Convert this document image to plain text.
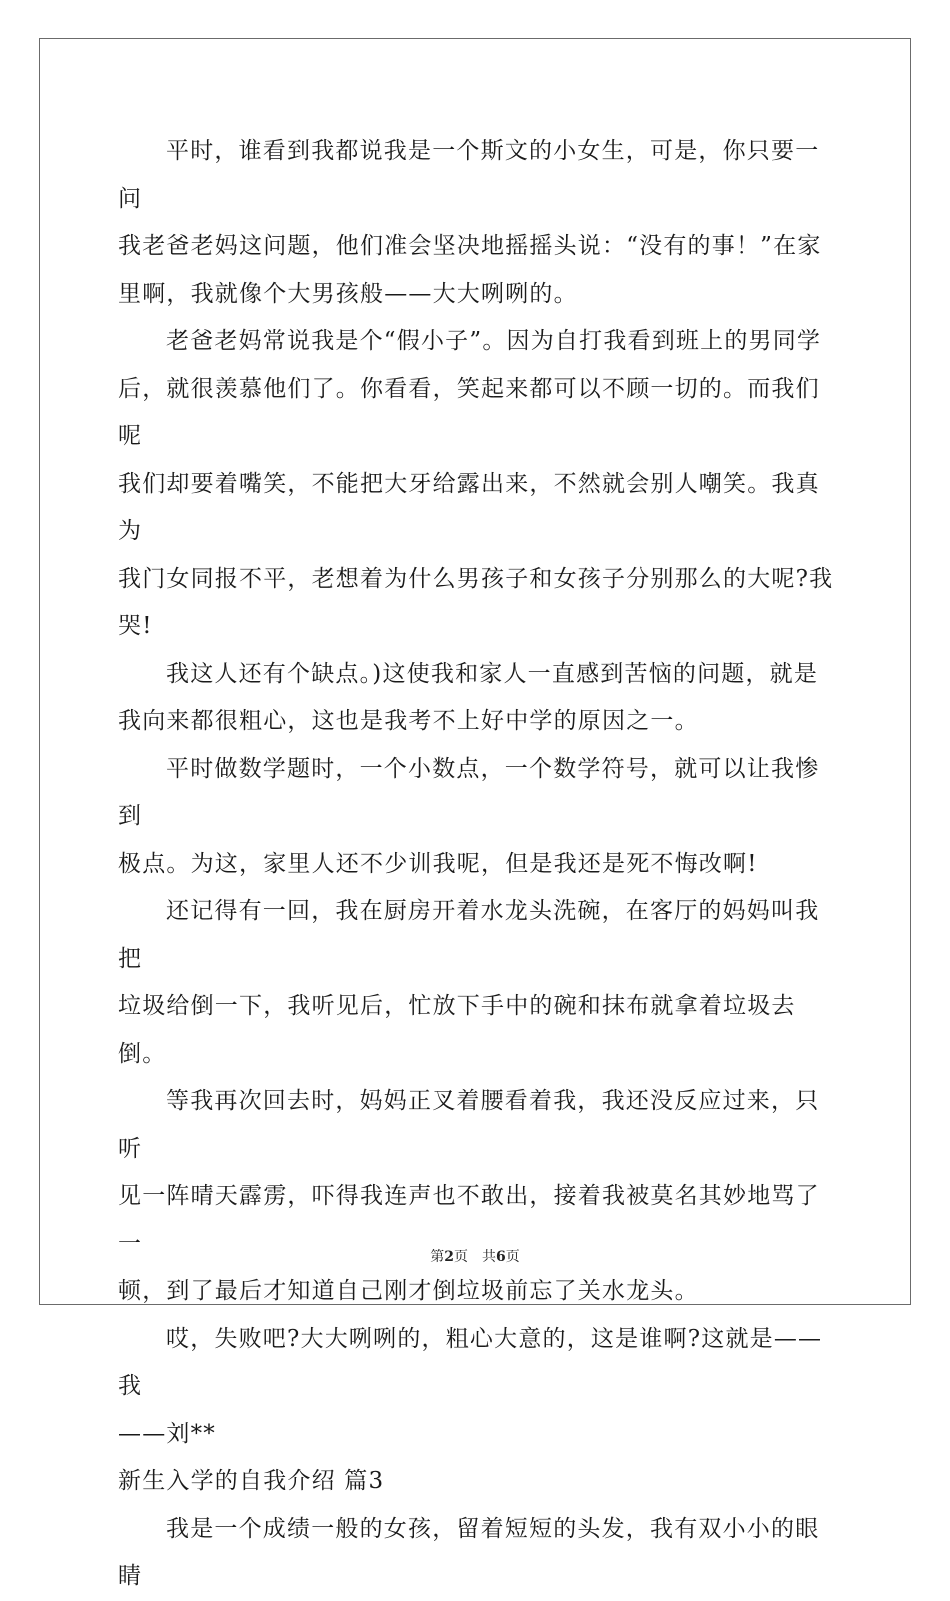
平时，谁看到我都说我是一个斯文的小女生，可是，你只要一问
我老爸老妈这问题，他们准会坚决地摇摇头说：“没有的事！”在家
里啊，我就像个大男孩般——大大咧咧的。

老爸老妈常说我是个“假小子”。因为自打我看到班上的男同学
后，就很羡慕他们了。你看看，笑起来都可以不顾一切的。而我们呢
我们却要着嘴笑，不能把大牙给露出来，不然就会别人嘲笑。我真为
我门女同报不平，老想着为什么男孩子和女孩子分别那么的大呢?我
哭!

我这人还有个缺点。)这使我和家人一直感到苦恼的问题，就是
我向来都很粗心，这也是我考不上好中学的原因之一。

平时做数学题时，一个小数点，一个数学符号，就可以让我惨到
极点。为这，家里人还不少训我呢，但是我还是死不悔改啊!

还记得有一回，我在厨房开着水龙头洗碗，在客厅的妈妈叫我把
垃圾给倒一下，我听见后，忙放下手中的碗和抹布就拿着垃圾去倒。

等我再次回去时，妈妈正叉着腰看着我，我还没反应过来，只听
见一阵晴天霹雳，吓得我连声也不敢出，接着我被莫名其妙地骂了一
顿，到了最后才知道自己刚才倒垃圾前忘了关水龙头。

哎，失败吧?大大咧咧的，粗心大意的，这是谁啊?这就是——我

——刘**

新生入学的自我介绍 篇3

我是一个成绩一般的女孩，留着短短的头发，我有双小小的眼睛

第2页　共6页
